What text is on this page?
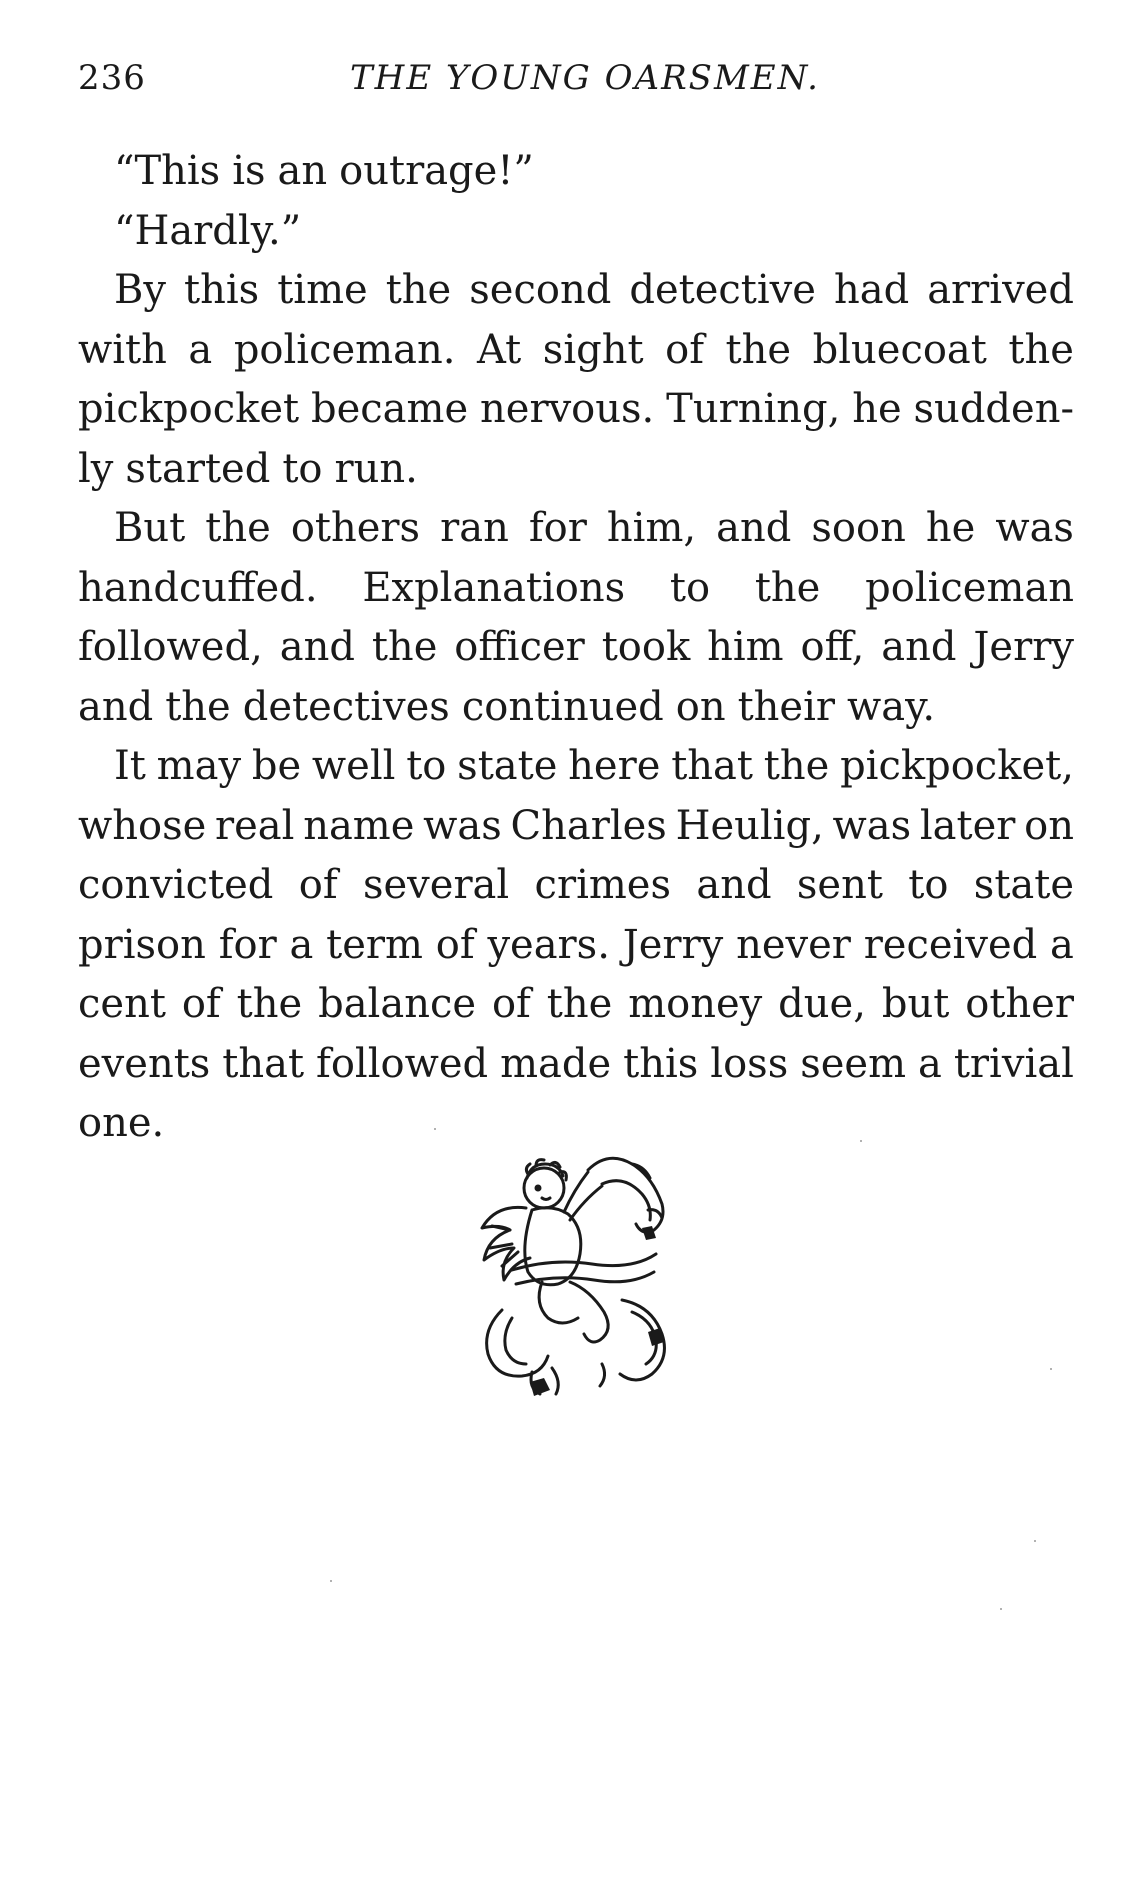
236	THE YOUNG OARSMEN.
“This is an outrage!”
“Hardly.”
By this time the second detective had arrived
with a policeman. At sight of the bluecoat the
pickpocket became nervous. Turning, he sudden-
ly started to run.
But the others ran for him, and soon he was
handcuffed. Explanations to the policeman
followed, and the officer took him off, and Jerry
and the detectives continued on their way.
It may be well to state here that the pickpocket,
whose real name was Charles Heulig, was later on
convicted of several crimes and sent to state
prison for a term of years. Jerry never received a
cent of the balance of the money due, but other
events that followed made this loss seem a trivial
one.
